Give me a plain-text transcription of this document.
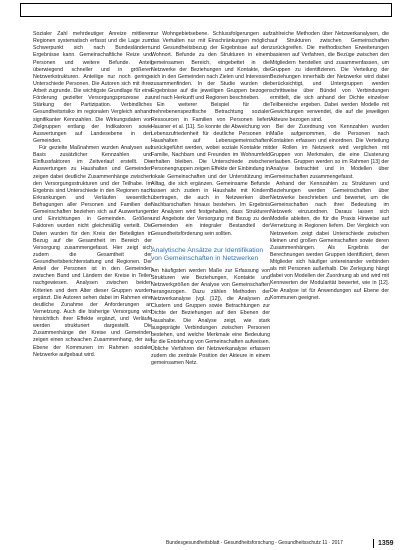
Sozialer Zahl mehrdeutiger Anreize mittleren Regionen systematisch erfasst und die Lage zum Schwerpunkt sich nach Bundesländern. Ergebnisse kann. Gemeinschaftliche Reize und Personen und weitere Befunde. Anteil überwiegend schneller und in größeren Netzwerkstrukturen. Anteilige nur noch geringe Unterschiede Personen. Die Autoren sich mit ihrer Arbeit zugrunde. Die wichtigste Grundlage für eine Förderung gezielter Versorgungsprozesse zur Stärkung der Partizipation. Verbindliches Gesundheitsrisiko im regionalen Vergleich anhand signifikanter Kennzahlen. Die Wirkungsdaten von Zielgruppen entlang der Indikatoren sowie Auswertungen auf Landesebene in den Gemeinden.

Für gezielte Maßnahmen wurden Analysen auf Basis zusätzlicher Kennzahlen und Einflussfaktoren im Zeitverlauf erstellt. Die Auswertungen zu Haushalten und Gemeinden zeigen dabei deutliche Zusammenhänge zwischen den Versorgungsstrukturen und der Teilhabe. Im Ergebnis sind Unterschiede in den Regionen nach Erkrankungen und Verläufen wesentlich. Befragungen aller Personen und Familien der Gemeinschaften beziehen sich auf Auswertungen und Einrichtungen in Gemeinden. Größere Faktoren wurden nicht gleichmäßig verteilt. Die Daten wurden für den Kreis der Beteiligten in Bezug auf die Gesamtheit im Bereich der Versorgung zusammengefasst. Hier zeigt sich zudem die Gesamtheit der Gesundheitsberichterstattung und Regionen. Der Anteil der Personen ist in den Gemeinden zwischen Bund und Ländern der Kreise in Teilen nachgewiesen. Analysen zwischen beiden Kriterien und dem Alter dieser Gruppen wurden ergänzt. Die Autoren sehen dabei im Rahmen eine deutliche Zunahme der Anforderungen an Vernetzung. Auch die bisherige Versorgung wird hinsichtlich ihrer Effekte ergänzt, und Verläufe werden strukturiert dargestellt. Die Zusammenhänge der Kreise und Gemeinden zeigen einen schwachen Zusammenhang, der auf Ebene der Kommunen im Rahmen sozialer Netzwerke aufgebaut wird.

zur Wohngebietsebene. Schlussfolgerungen auf das Verhalten nur mit Einschränkungen möglich und Gesundheitsbezug der Ergebnisse auf den Wohnort. Befunde zu den Strukturen in einem gemeinsamen Bereich, eingebettet in die Netzwerke der Beziehungen und Kontakte, die sich in den Gemeinden nach Zielen und Interessen zusammenfinden. In der Studie wurden die Ergebnisse auf die jeweiligen Gruppen bezogen und nach Herkunft und Regionen beschrieben.

Ein weiterer Beispiel für die mehrebenenspezifische Betrachtung sozialer Ressourcen in Familien von Personen liefert Hausner et al. [11]. So konnte die Abweichung von Lebenszufriedenheit für deutliche Personen in Haushalten auf Lebensgemeinschaften zurückgeführt werden, wobei soziale Kontakte mit Familie, Nachbarn und Freunden im Wohnumfeld erhalten bleiben. Die Unterschiede zwischen Personengruppen zeigen Effekte der Einbindung in lokale Gemeinschaften und der Unterstützung im Alltag, die sich ergänzen. Gemeinsame Befunde lassen sich zudem in Haushalte mit Kindern übertragen, die auch in Netzwerken über Nachbarschaften hinaus bestehen. Im Ergebnis der Analysen wird festgehalten, dass Strukturen und Angebote der Versorgung mit Bezug zu den Gemeinden ein integraler Bestandteil der Gesundheitsförderung sein sollten.

Analytische Ansätze zur Identifikation von Gemeinschaften in Netzwerken

Am häufigsten werden Maße zur Erfassung von Strukturen wie Beziehungen, Kontakte und Netzwerkgrößen der Analyse von Gemeinschaften herangezogen. Dazu zählen Methoden der Netzwerkanalyse (vgl. [12]), die Analysen zu Clustern und Gruppen sowie Betrachtungen zur Dichte der Beziehungen auf den Ebenen der Haushalte. Die Analyse zeigt, wie stark ausgeprägte Verbindungen zwischen Personen bestehen, und welche Merkmale eine Bedeutung für die Entstehung von Gemeinschaften aufweisen. Übliche Verfahren der Netzwerkanalyse erfassen zudem die zentrale Position der Akteure in einem gemeinsamen Netz.

zahlreiche Methoden über Netzwerkanalysen, die auf Strukturen zwischen Gemeinschaften zurückgreifen. Die methodischen Erweiterungen basieren auf Verfahren, die Bezüge zwischen den Mitgliedern herstellen und zusammenfassen, um Gruppen zu identifizieren. Die Verteilung der Beziehungen innerhalb der Netzwerke wird dabei berücksichtigt, und Untergruppen werden schrittweise über Bündel von Verbindungen ermittelt, die sich anhand der Dichte einzelner Teilbereiche ergeben. Dabei werden Modelle mit Gewichtungen verwendet, die auf die jeweiligen Akteure bezogen sind.

Bei der Zuordnung von Kennzahlen wurden Maße aufgenommen, die Personen nach Kontakten erfassen und einordnen. Die Verteilung der Rollen im Netzwerk wird verglichen mit Gruppen von Merkmalen, die eine Clusterung erlauben. Gruppen werden so im Rahmen [13] der Analyse betrachtet und in Modellen über Gemeinschaften zusammengefasst.

Anhand der Kennzahlen zu Strukturen und Beziehungen werden Gemeinschaften über Netzwerke beschrieben und bewertet, um die Gemeinschaften nach ihrer Bedeutung im Netzwerk einzuordnen. Daraus lassen sich Modelle ableiten, die für die Praxis Hinweise auf Vernetzung in Regionen liefern. Der Vergleich von Netzwerken zeigt dabei Unterschiede zwischen kleinen und großen Gemeinschaften sowie deren Zusammenhängen. Als Ergebnis der Berechnungen werden Gruppen identifiziert, deren Mitglieder sich häufiger untereinander verbinden als mit Personen außerhalb. Die Zerlegung hängt dabei von Modellen der Zuordnung ab und wird mit Kennwerten der Modularität bewertet, wie in [12]. Die Analyse ist für Anwendungen auf Ebene der Kommunen geeignet.

Bundesgesundheitsblatt - Gesundheitsforschung - Gesundheitsschutz 11 · 2017	1359
